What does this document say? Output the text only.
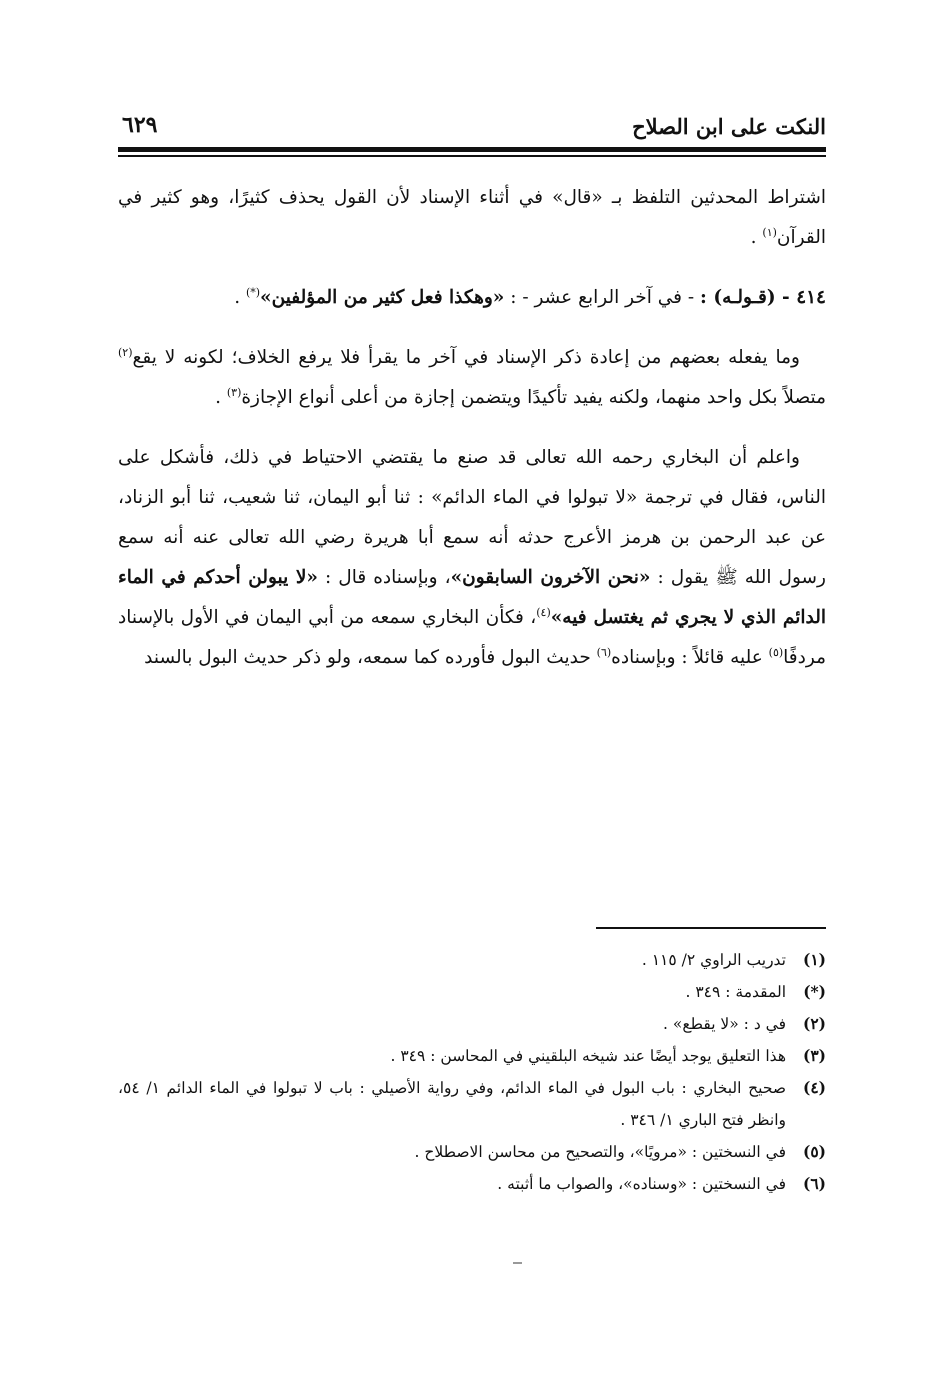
النكت على ابن الصلاح
٦٢٩

اشتراط المحدثين التلفظ بـ «قال» في أثناء الإسناد لأن القول يحذف كثيرًا، وهو كثير في القرآن$^{(١)}$ .

٤١٤ - (قـولـه) : - في آخر الرابع عشر - : «وهكذا فعل كثير من المؤلفين»(*) .

وما يفعله بعضهم من إعادة ذكر الإسناد في آخر ما يقرأ فلا يرفع الخلاف؛ لكونه لا يقع$^{(٢)}$ متصلاً بكل واحد منهما، ولكنه يفيد تأكيدًا ويتضمن إجازة من أعلى أنواع الإجازة$^{(٣)}$ .

واعلم أن البخاري رحمه الله تعالى قد صنع ما يقتضي الاحتياط في ذلك، فأشكل على الناس، فقال في ترجمة «لا تبولوا في الماء الدائم» : ثنا أبو اليمان، ثنا شعيب، ثنا أبو الزناد، عن عبد الرحمن بن هرمز الأعرج حدثه أنه سمع أبا هريرة رضي الله تعالى عنه أنه سمع رسول الله ﷺ يقول : «نحن الآخرون السابقون»، وبإسناده قال : «لا يبولن أحدكم في الماء الدائم الذي لا يجري ثم يغتسل فيه»$^{(٤)}$، فكأن البخاري سمعه من أبي اليمان في الأول بالإسناد مردفًا$^{(٥)}$ عليه قائلاً : وبإسناده$^{(٦)}$ حديث البول فأورده كما سمعه، ولو ذكر حديث البول بالسند

(١)
تدريب الراوي ٢/ ١١٥ .
(*)
المقدمة : ٣٤٩ .
(٢)
في د : «لا يقطع» .
(٣)
هذا التعليق يوجد أيضًا عند شيخه البلقيني في المحاسن : ٣٤٩ .
(٤)
صحيح البخاري : باب البول في الماء الدائم، وفي رواية الأصيلي : باب لا تبولوا في الماء الدائم ١/ ٥٤، وانظر فتح الباري ١/ ٣٤٦ .
(٥)
في النسختين : «مرويًا»، والتصحيح من محاسن الاصطلاح .
(٦)
في النسختين : «وسناده»، والصواب ما أثبته .
